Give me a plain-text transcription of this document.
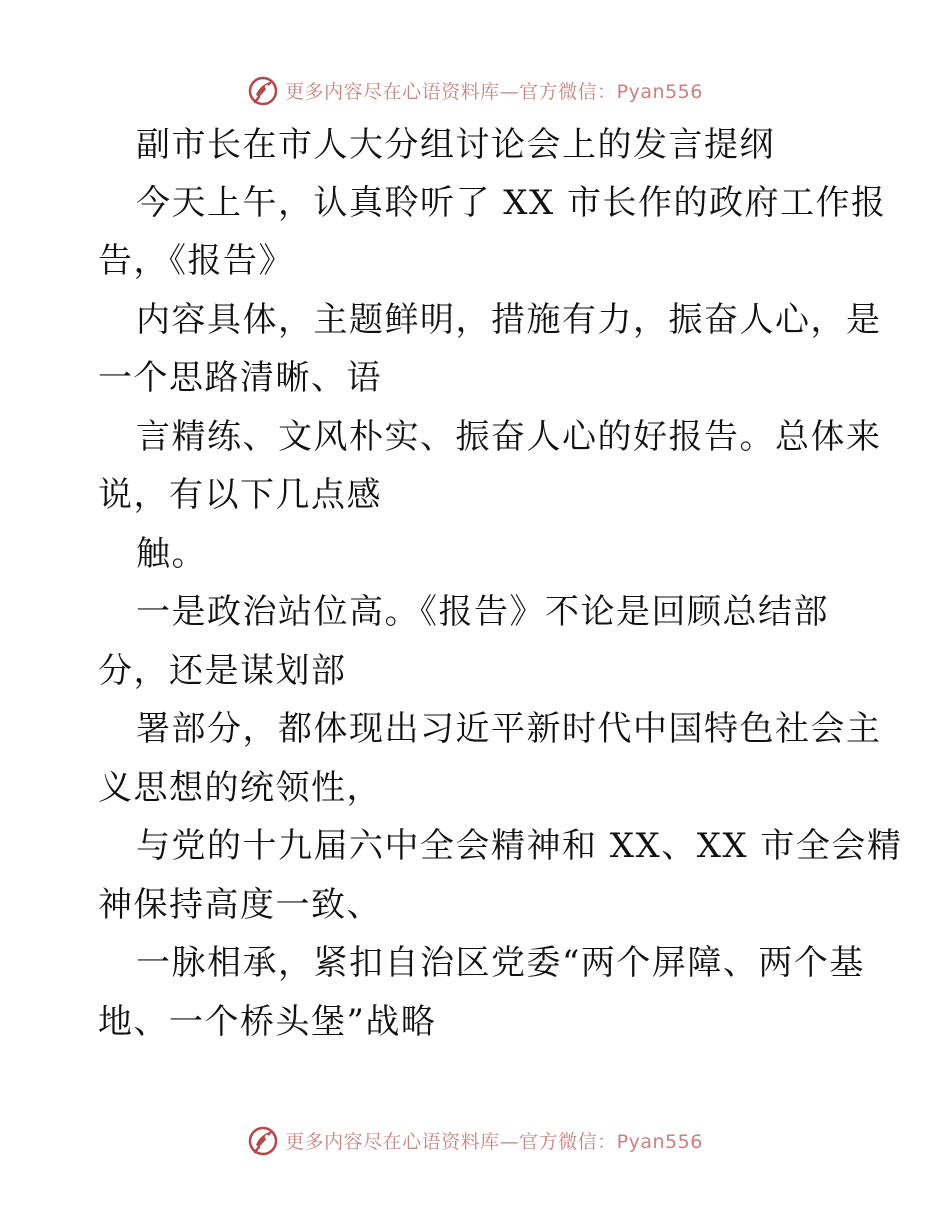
更多内容尽在心语资料库—官方微信：Pyan556
副市长在市人大分组讨论会上的发言提纲
今天上午，认真聆听了 XX 市长作的政府工作报
告，《报告》
内容具体，主题鲜明，措施有力，振奋人心，是
一个思路清晰、语
言精练、文风朴实、振奋人心的好报告。总体来
说，有以下几点感
触。
一是政治站位高。《报告》不论是回顾总结部
分，还是谋划部
署部分，都体现出习近平新时代中国特色社会主
义思想的统领性，
与党的十九届六中全会精神和 XX、XX 市全会精
神保持高度一致、
一脉相承，紧扣自治区党委“两个屏障、两个基
地、一个桥头堡”战略
更多内容尽在心语资料库—官方微信：Pyan556
